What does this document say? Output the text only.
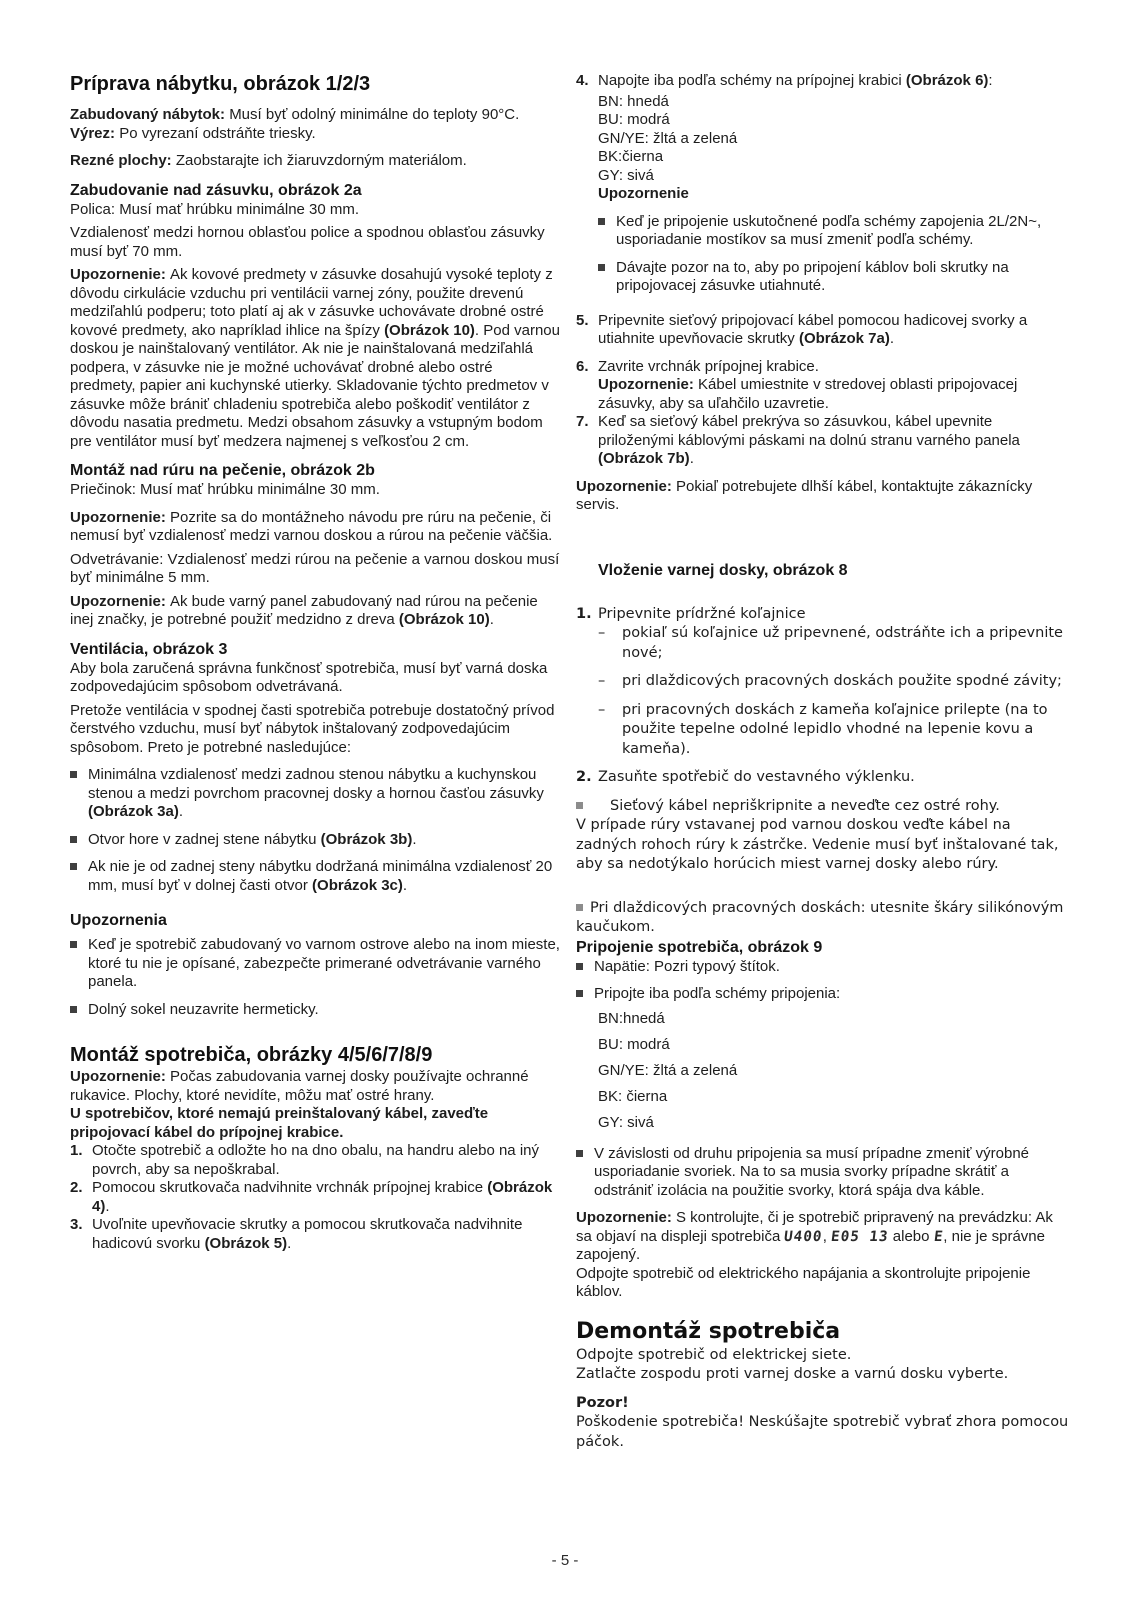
Príprava nábytku, obrázok 1/2/3
Zabudovaný nábytok: Musí byť odolný minimálne do teploty 90°C.
Výrez: Po vyrezaní odstráňte triesky.
Rezné plochy: Zaobstarajte ich žiaruvzdorným materiálom.
Zabudovanie nad zásuvku, obrázok 2a
Polica: Musí mať hrúbku minimálne 30 mm.
Vzdialenosť medzi hornou oblasťou police a spodnou oblasťou zásuvky musí byť 70 mm.
Upozornenie: Ak kovové predmety v zásuvke dosahujú vysoké teploty z dôvodu cirkulácie vzduchu pri ventilácii varnej zóny, použite drevenú medziľahlú podperu; toto platí aj ak v zásuvke uchovávate drobné ostré kovové predmety, ako napríklad ihlice na špízy (Obrázok 10). Pod varnou doskou je nainštalovaný ventilátor. Ak nie je nainštalovaná medziľahlá podpera, v zásuvke nie je možné uchovávať drobné alebo ostré predmety, papier ani kuchynské utierky. Skladovanie týchto predmetov v zásuvke môže brániť chladeniu spotrebiča alebo poškodiť ventilátor z dôvodu nasatia predmetu. Medzi obsahom zásuvky a vstupným bodom pre ventilátor musí byť medzera najmenej s veľkosťou 2 cm.
Montáž nad rúru na pečenie, obrázok 2b
Priečinok: Musí mať hrúbku minimálne 30 mm.
Upozornenie: Pozrite sa do montážneho návodu pre rúru na pečenie, či nemusí byť vzdialenosť medzi varnou doskou a rúrou na pečenie väčšia.
Odvetrávanie: Vzdialenosť medzi rúrou na pečenie a varnou doskou musí byť minimálne 5 mm.
Upozornenie: Ak bude varný panel zabudovaný nad rúrou na pečenie inej značky, je potrebné použiť medzidno z dreva (Obrázok 10).
Ventilácia, obrázok 3
Aby bola zaručená správna funkčnosť spotrebiča, musí byť varná doska zodpovedajúcim spôsobom odvetrávaná.
Pretože ventilácia v spodnej časti spotrebiča potrebuje dostatočný prívod čerstvého vzduchu, musí byť nábytok inštalovaný zodpovedajúcim spôsobom. Preto je potrebné nasledujúce:
Minimálna vzdialenosť medzi zadnou stenou nábytku a kuchynskou stenou a medzi povrchom pracovnej dosky a hornou časťou zásuvky (Obrázok 3a).
Otvor hore v zadnej stene nábytku (Obrázok 3b).
Ak nie je od zadnej steny nábytku dodržaná minimálna vzdialenosť 20 mm, musí byť v dolnej časti otvor (Obrázok 3c).
Upozornenia
Keď je spotrebič zabudovaný vo varnom ostrove alebo na inom mieste, ktoré tu nie je opísané, zabezpečte primerané odvetrávanie varného panela.
Dolný sokel neuzavrite hermeticky.
Montáž spotrebiča, obrázky 4/5/6/7/8/9
Upozornenie: Počas zabudovania varnej dosky používajte ochranné rukavice. Plochy, ktoré nevidíte, môžu mať ostré hrany.
U spotrebičov, ktoré nemajú preinštalovaný kábel, zaveďte pripojovací kábel do prípojnej krabice.
1. Otočte spotrebič a odložte ho na dno obalu, na handru alebo na iný povrch, aby sa nepoškrabal.
2. Pomocou skrutkovača nadvihnite vrchnák prípojnej krabice (Obrázok 4).
3. Uvoľnite upevňovacie skrutky a pomocou skrutkovača nadvihnite hadicovú svorku (Obrázok 5).
4. Napojte iba podľa schémy na prípojnej krabici (Obrázok 6):
BN: hnedá
BU: modrá
GN/YE: žltá a zelená
BK:čierna
GY: sivá
Upozornenie
Keď je pripojenie uskutočnené podľa schémy zapojenia 2L/2N~, usporiadanie mostíkov sa musí zmeniť podľa schémy.
Dávajte pozor na to, aby po pripojení káblov boli skrutky na pripojovacej zásuvke utiahnuté.
5. Pripevnite sieťový pripojovací kábel pomocou hadicovej svorky a utiahnite upevňovacie skrutky (Obrázok 7a).
6. Zavrite vrchnák prípojnej krabice.
Upozornenie: Kábel umiestnite v stredovej oblasti pripojovacej zásuvky, aby sa uľahčilo uzavretie.
7. Keď sa sieťový kábel prekrýva so zásuvkou, kábel upevnite priloženými káblovými páskami na dolnú stranu varného panela (Obrázok 7b).
Upozornenie: Pokiaľ potrebujete dlhší kábel, kontaktujte zákaznícky servis.
Vloženie varnej dosky, obrázok 8
1. Pripevnite prídržné koľajnice
–	pokiaľ sú koľajnice už pripevnené, odstráňte ich a pripevnite nové;
–	pri dlaždicových pracovných doskách použite spodné závity;
–	pri pracovných doskách z kameňa koľajnice prilepte (na to použite tepelne odolné lepidlo vhodné na lepenie kovu a kameňa).
2. Zasuňte spotřebič do vestavného výklenku.
Sieťový kábel nepriškripnite a neveďte cez ostré rohy.
V prípade rúry vstavanej pod varnou doskou veďte kábel na zadných rohoch rúry k zástrčke. Vedenie musí byť inštalované tak, aby sa nedotýkalo horúcich miest varnej dosky alebo rúry.
Pri dlaždicových pracovných doskách: utesnite škáry silikónovým kaučukom.
Pripojenie spotrebiča, obrázok 9
Napätie: Pozri typový štítok.
Pripojte iba podľa schémy pripojenia:
BN:hnedá
BU: modrá
GN/YE: žltá a zelená
BK: čierna
GY: sivá
V závislosti od druhu pripojenia sa musí prípadne zmeniť výrobné usporiadanie svoriek. Na to sa musia svorky prípadne skrátiť a odstrániť izolácia na použitie svorky, ktorá spája dva káble.
Upozornenie: S kontrolujte, či je spotrebič pripravený na prevádzku: Ak sa objaví na displeji spotrebiča U400, E05 13 alebo E, nie je správne zapojený.
Odpojte spotrebič od elektrického napájania a skontrolujte pripojenie káblov.
Demontáž spotrebiča
Odpojte spotrebič od elektrickej siete.
Zatlačte zospodu proti varnej doske a varnú dosku vyberte.
Pozor!
Poškodenie spotrebiča! Neskúšajte spotrebič vybrať zhora pomocou páčok.
- 5 -
